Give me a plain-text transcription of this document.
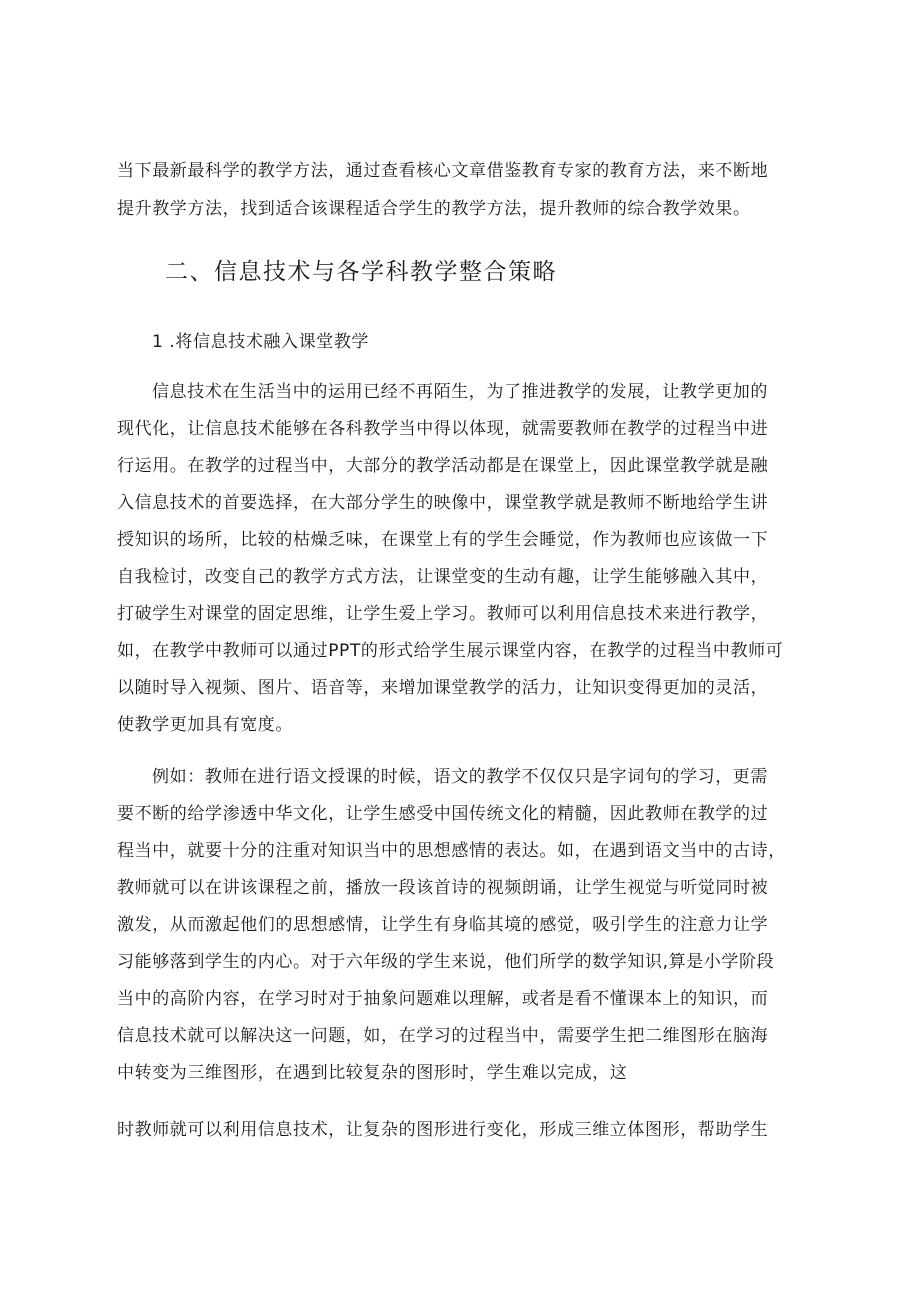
当下最新最科学的教学方法，通过查看核心文章借鉴教育专家的教育方法，来不断地
提升教学方法，找到适合该课程适合学生的教学方法，提升教师的综合教学效果。
二、信息技术与各学科教学整合策略
1 .将信息技术融入课堂教学
信息技术在生活当中的运用已经不再陌生，为了推进教学的发展，让教学更加的
现代化，让信息技术能够在各科教学当中得以体现，就需要教师在教学的过程当中进
行运用。在教学的过程当中，大部分的教学活动都是在课堂上，因此课堂教学就是融
入信息技术的首要选择，在大部分学生的映像中，课堂教学就是教师不断地给学生讲
授知识的场所，比较的枯燥乏味，在课堂上有的学生会睡觉，作为教师也应该做一下
自我检讨，改变自己的教学方式方法，让课堂变的生动有趣，让学生能够融入其中，
打破学生对课堂的固定思维，让学生爱上学习。教师可以利用信息技术来进行教学，
如，在教学中教师可以通过PPT的形式给学生展示课堂内容，在教学的过程当中教师可
以随时导入视频、图片、语音等，来增加课堂教学的活力，让知识变得更加的灵活，
使教学更加具有宽度。
例如：教师在进行语文授课的时候，语文的教学不仅仅只是字词句的学习，更需
要不断的给学渗透中华文化，让学生感受中国传统文化的精髓，因此教师在教学的过
程当中，就要十分的注重对知识当中的思想感情的表达。如，在遇到语文当中的古诗，
教师就可以在讲该课程之前，播放一段该首诗的视频朗诵，让学生视觉与听觉同时被
激发，从而激起他们的思想感情，让学生有身临其境的感觉，吸引学生的注意力让学
习能够落到学生的内心。对于六年级的学生来说，他们所学的数学知识,算是小学阶段
当中的高阶内容，在学习时对于抽象问题难以理解，或者是看不懂课本上的知识，而
信息技术就可以解决这一问题，如，在学习的过程当中，需要学生把二维图形在脑海
中转变为三维图形，在遇到比较复杂的图形时，学生难以完成，这
时教师就可以利用信息技术，让复杂的图形进行变化，形成三维立体图形，帮助学生
